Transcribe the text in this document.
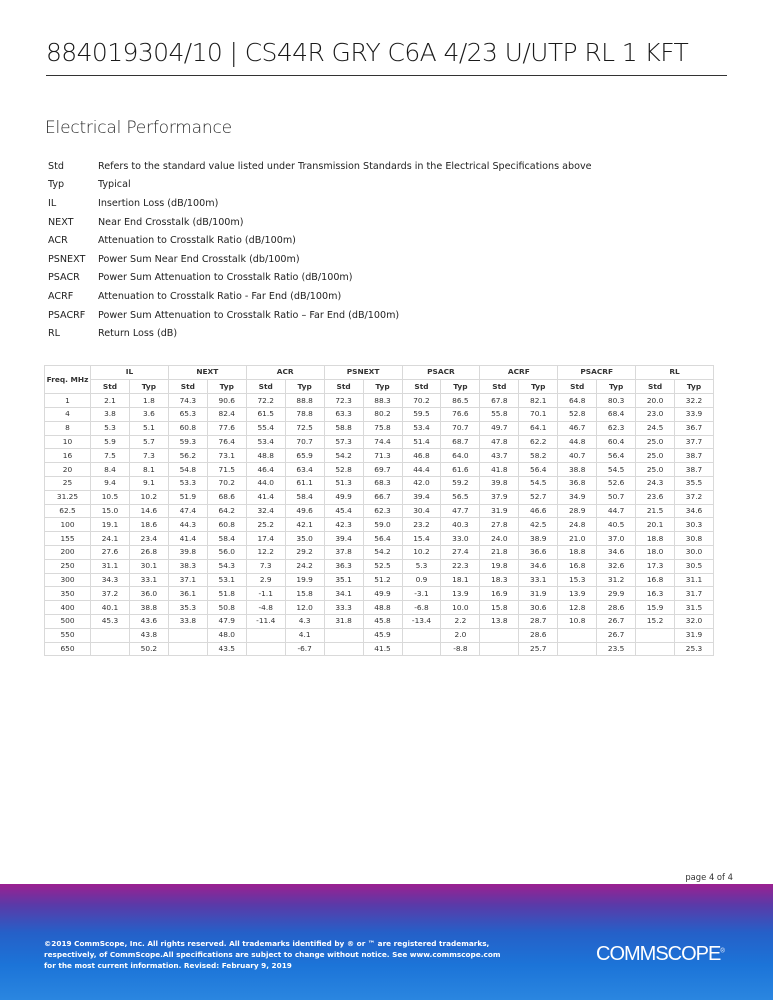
884019304/10 | CS44R GRY C6A 4/23 U/UTP RL 1 KFT
Electrical Performance
Std	Refers to the standard value listed under Transmission Standards in the Electrical Specifications above
Typ	Typical
IL	Insertion Loss (dB/100m)
NEXT	Near End Crosstalk (dB/100m)
ACR	Attenuation to Crosstalk Ratio (dB/100m)
PSNEXT	Power Sum Near End Crosstalk (db/100m)
PSACR	Power Sum Attenuation to Crosstalk Ratio (dB/100m)
ACRF	Attenuation to Crosstalk Ratio - Far End (dB/100m)
PSACRF	Power Sum Attenuation to Crosstalk Ratio – Far End (dB/100m)
RL	Return Loss (dB)
Freq. MHz	IL		NEXT		ACR		PSNEXT		PSACR		ACRF		PSACRF		RL	
	Std	Typ	Std	Typ	Std	Typ	Std	Typ	Std	Typ	Std	Typ	Std	Typ	Std	Typ
1	2.1	1.8	74.3	90.6	72.2	88.8	72.3	88.3	70.2	86.5	67.8	82.1	64.8	80.3	20.0	32.2
4	3.8	3.6	65.3	82.4	61.5	78.8	63.3	80.2	59.5	76.6	55.8	70.1	52.8	68.4	23.0	33.9
8	5.3	5.1	60.8	77.6	55.4	72.5	58.8	75.8	53.4	70.7	49.7	64.1	46.7	62.3	24.5	36.7
10	5.9	5.7	59.3	76.4	53.4	70.7	57.3	74.4	51.4	68.7	47.8	62.2	44.8	60.4	25.0	37.7
16	7.5	7.3	56.2	73.1	48.8	65.9	54.2	71.3	46.8	64.0	43.7	58.2	40.7	56.4	25.0	38.7
20	8.4	8.1	54.8	71.5	46.4	63.4	52.8	69.7	44.4	61.6	41.8	56.4	38.8	54.5	25.0	38.7
25	9.4	9.1	53.3	70.2	44.0	61.1	51.3	68.3	42.0	59.2	39.8	54.5	36.8	52.6	24.3	35.5
31.25	10.5	10.2	51.9	68.6	41.4	58.4	49.9	66.7	39.4	56.5	37.9	52.7	34.9	50.7	23.6	37.2
62.5	15.0	14.6	47.4	64.2	32.4	49.6	45.4	62.3	30.4	47.7	31.9	46.6	28.9	44.7	21.5	34.6
100	19.1	18.6	44.3	60.8	25.2	42.1	42.3	59.0	23.2	40.3	27.8	42.5	24.8	40.5	20.1	30.3
155	24.1	23.4	41.4	58.4	17.4	35.0	39.4	56.4	15.4	33.0	24.0	38.9	21.0	37.0	18.8	30.8
200	27.6	26.8	39.8	56.0	12.2	29.2	37.8	54.2	10.2	27.4	21.8	36.6	18.8	34.6	18.0	30.0
250	31.1	30.1	38.3	54.3	7.3	24.2	36.3	52.5	5.3	22.3	19.8	34.6	16.8	32.6	17.3	30.5
300	34.3	33.1	37.1	53.1	2.9	19.9	35.1	51.2	0.9	18.1	18.3	33.1	15.3	31.2	16.8	31.1
350	37.2	36.0	36.1	51.8	-1.1	15.8	34.1	49.9	-3.1	13.9	16.9	31.9	13.9	29.9	16.3	31.7
400	40.1	38.8	35.3	50.8	-4.8	12.0	33.3	48.8	-6.8	10.0	15.8	30.6	12.8	28.6	15.9	31.5
500	45.3	43.6	33.8	47.9	-11.4	4.3	31.8	45.8	-13.4	2.2	13.8	28.7	10.8	26.7	15.2	32.0
550		43.8		48.0		4.1		45.9		2.0		28.6		26.7		31.9
650		50.2		43.5		-6.7		41.5		-8.8		25.7		23.5		25.3
page 4 of 4
©2019 CommScope, Inc. All rights reserved. All trademarks identified by ® or ™ are registered trademarks, respectively, of CommScope.All specifications are subject to change without notice. See www.commscope.com for the most current information. Revised: February 9, 2019
COMMSCOPE®
